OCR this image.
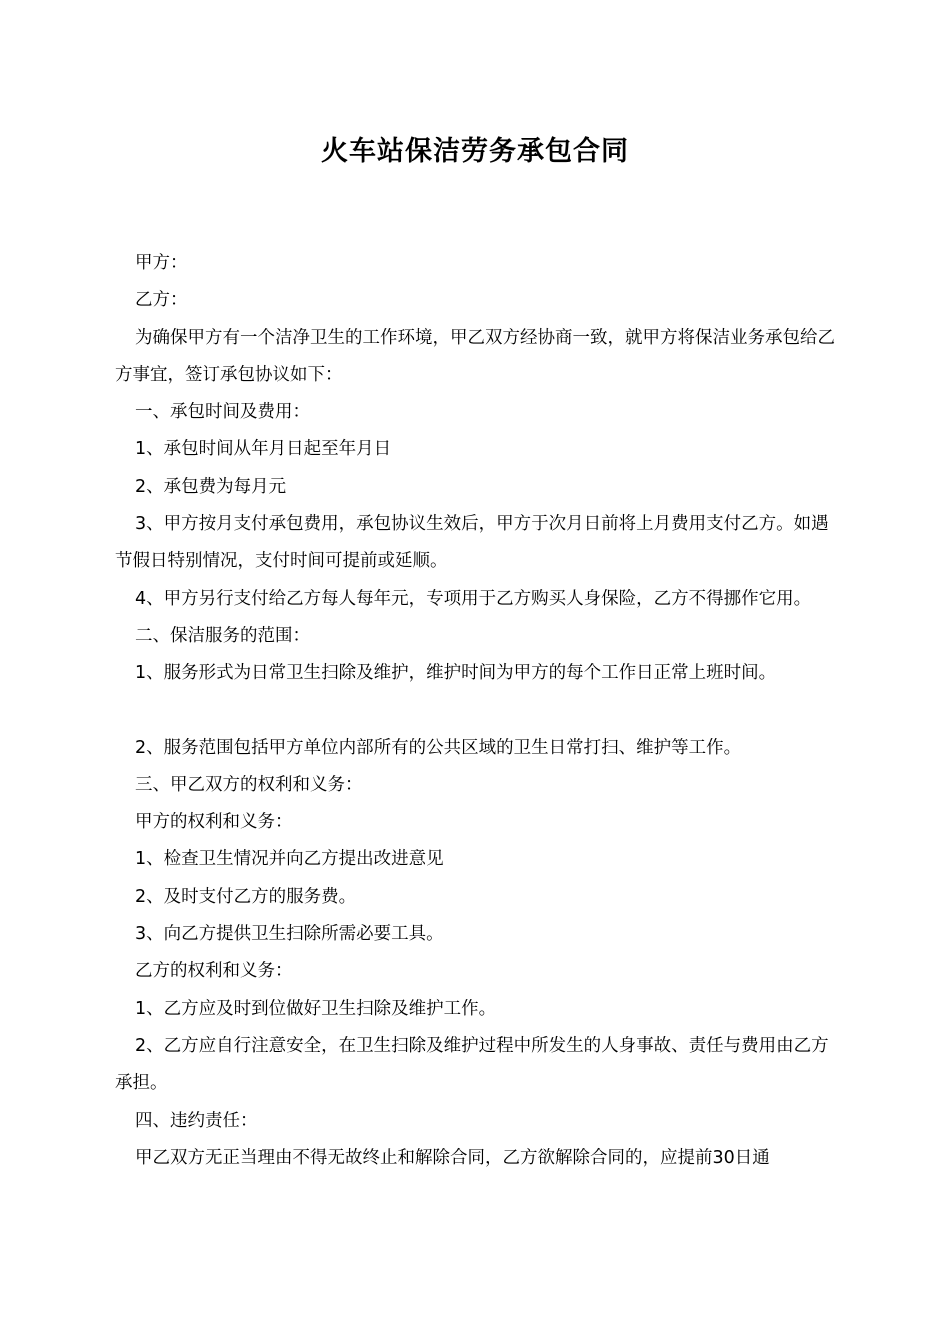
火车站保洁劳务承包合同

甲方：

乙方：

为确保甲方有一个洁净卫生的工作环境，甲乙双方经协商一致，就甲方将保洁业务承包给乙方事宜，签订承包协议如下：

一、承包时间及费用：

1、承包时间从年月日起至年月日

2、承包费为每月元

3、甲方按月支付承包费用，承包协议生效后，甲方于次月日前将上月费用支付乙方。如遇节假日特别情况，支付时间可提前或延顺。

4、甲方另行支付给乙方每人每年元，专项用于乙方购买人身保险，乙方不得挪作它用。

二、保洁服务的范围：

1、服务形式为日常卫生扫除及维护，维护时间为甲方的每个工作日正常上班时间。

2、服务范围包括甲方单位内部所有的公共区域的卫生日常打扫、维护等工作。

三、甲乙双方的权利和义务：

甲方的权利和义务：

1、检查卫生情况并向乙方提出改进意见

2、及时支付乙方的服务费。

3、向乙方提供卫生扫除所需必要工具。

乙方的权利和义务：

1、乙方应及时到位做好卫生扫除及维护工作。

2、乙方应自行注意安全，在卫生扫除及维护过程中所发生的人身事故、责任与费用由乙方承担。

四、违约责任：

甲乙双方无正当理由不得无故终止和解除合同，乙方欲解除合同的，应提前30日通
